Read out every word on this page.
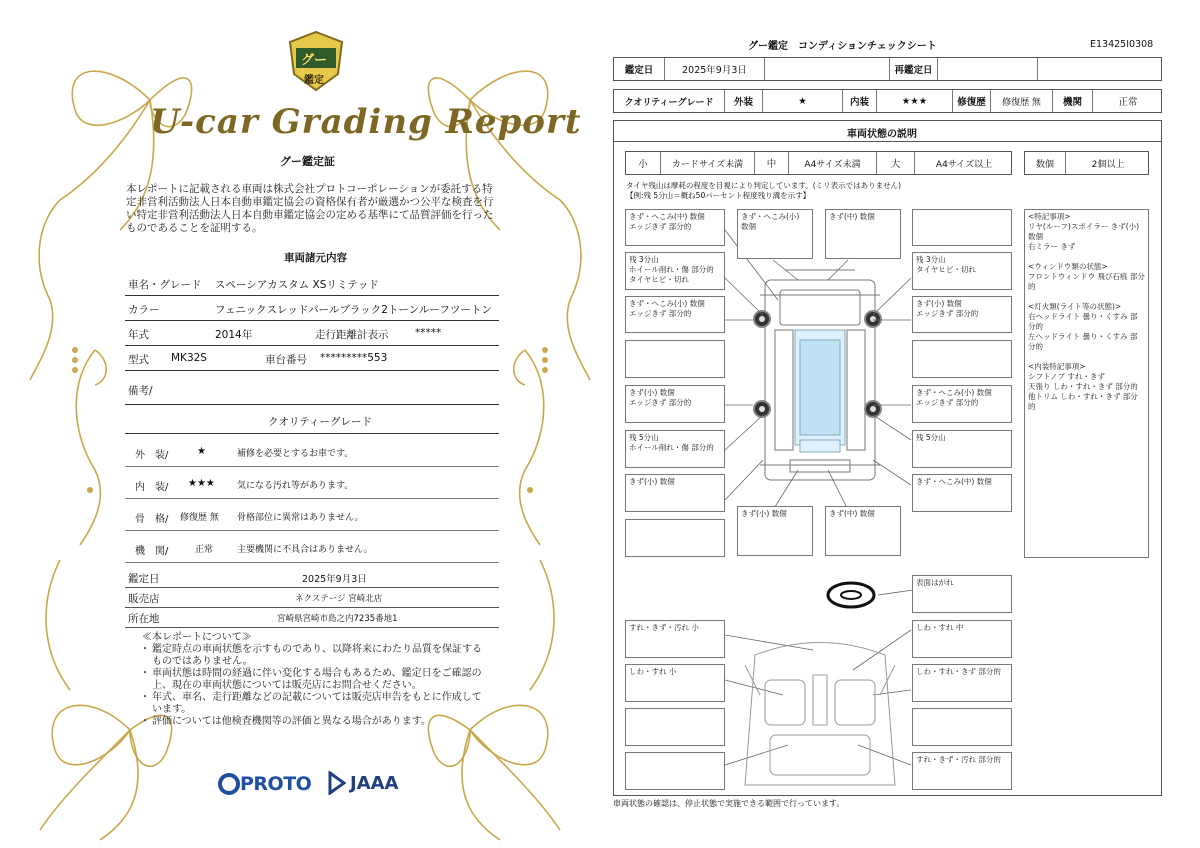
グー
鑑定
U-car Grading Report
グー鑑定証
本レポートに記載される車両は株式会社プロトコーポレーションが委託する特定非営利活動法人日本自動車鑑定協会の資格保有者が厳選かつ公平な検査を行い特定非営利活動法人日本自動車鑑定協会の定める基準にて品質評価を行ったものであることを証明する。
車両諸元内容
車名・グレード スペーシアカスタム XSリミテッド
カラー	フェニックスレッドパールブラック2トーンルーフツートン
年式	2014年	走行距離計表示	*****
型式 MK32S	車台番号 *********553
備考/
クオリティーグレード
外　装/	★	補修を必要とするお車です。
内　装/ ★★★ 気になる汚れ等があります。
骨　格/ 修復歴 無 骨格部位に異常はありません。
機　関/	正常	主要機関に不具合はありません。
鑑定日	2025年9月3日
販売店	ネクステージ 宮崎北店
所在地	宮崎県宮崎市島之内7235番地1
≪本レポートについて≫
・ 鑑定時点の車両状態を示すものであり、以降将来にわたり品質を保証するものではありません。
・ 車両状態は時間の経過に伴い変化する場合もあるため、鑑定日をご確認の上、現在の車両状態については販売店にお問合せください。
・ 年式、車名、走行距離などの記載については販売店申告をもとに作成しています。
・ 評価については他検査機関等の評価と異なる場合があります。
PROTO JAAA
グー鑑定　コンディションチェックシート	E13425I0308
鑑定日	2025年9月3日	再鑑定日
クオリティーグレード	外装	★	内装	★★★	修復歴	修復歴 無	機関	正常
車両状態の説明
小	カードサイズ未満	中	A4サイズ未満	大	A4サイズ以上	数個	2個以上
タイヤ残山は摩耗の程度を目視により判定しています。(ミリ表示ではありません)
【例:残 5分山＝概ね50パーセント程度残り溝を示す】
きず・へこみ(中) 数個
エッジきず 部分的
きず・へこみ(小) 数個
きず(中) 数個
残 3分山
ホイール削れ・傷 部分的
タイヤヒビ・切れ
残 3分山
タイヤヒビ・切れ
きず・へこみ(小) 数個
エッジきず 部分的
きず(小) 数個
エッジきず 部分的
きず(小) 数個
エッジきず 部分的
きず・へこみ(小) 数個
エッジきず 部分的
残 5分山
ホイール削れ・傷 部分的
残 5分山
きず(小) 数個	きず・へこみ(中) 数個
きず(小) 数個	きず(中) 数個
<特記事項>
リヤ(ルーフ)スポイラー きず(小) 数個
右ミラー きず

<ウィンドウ類の状態>
フロントウィンドウ 飛び石痕 部分的

<灯火類(ライト等の状態)>
右ヘッドライト 曇り・くすみ 部分的
左ヘッドライト 曇り・くすみ 部分的

<内装特記事項>
シフトノブ すれ・きず
天張り しわ・すれ・きず 部分的
他トリム しわ・すれ・きず 部分的
表面はがれ
すれ・きず・汚れ 小	しわ・すれ 中
しわ・すれ 小	しわ・すれ・きず 部分的
すれ・きず・汚れ 部分的
車両状態の確認は、停止状態で実施できる範囲で行っています。
